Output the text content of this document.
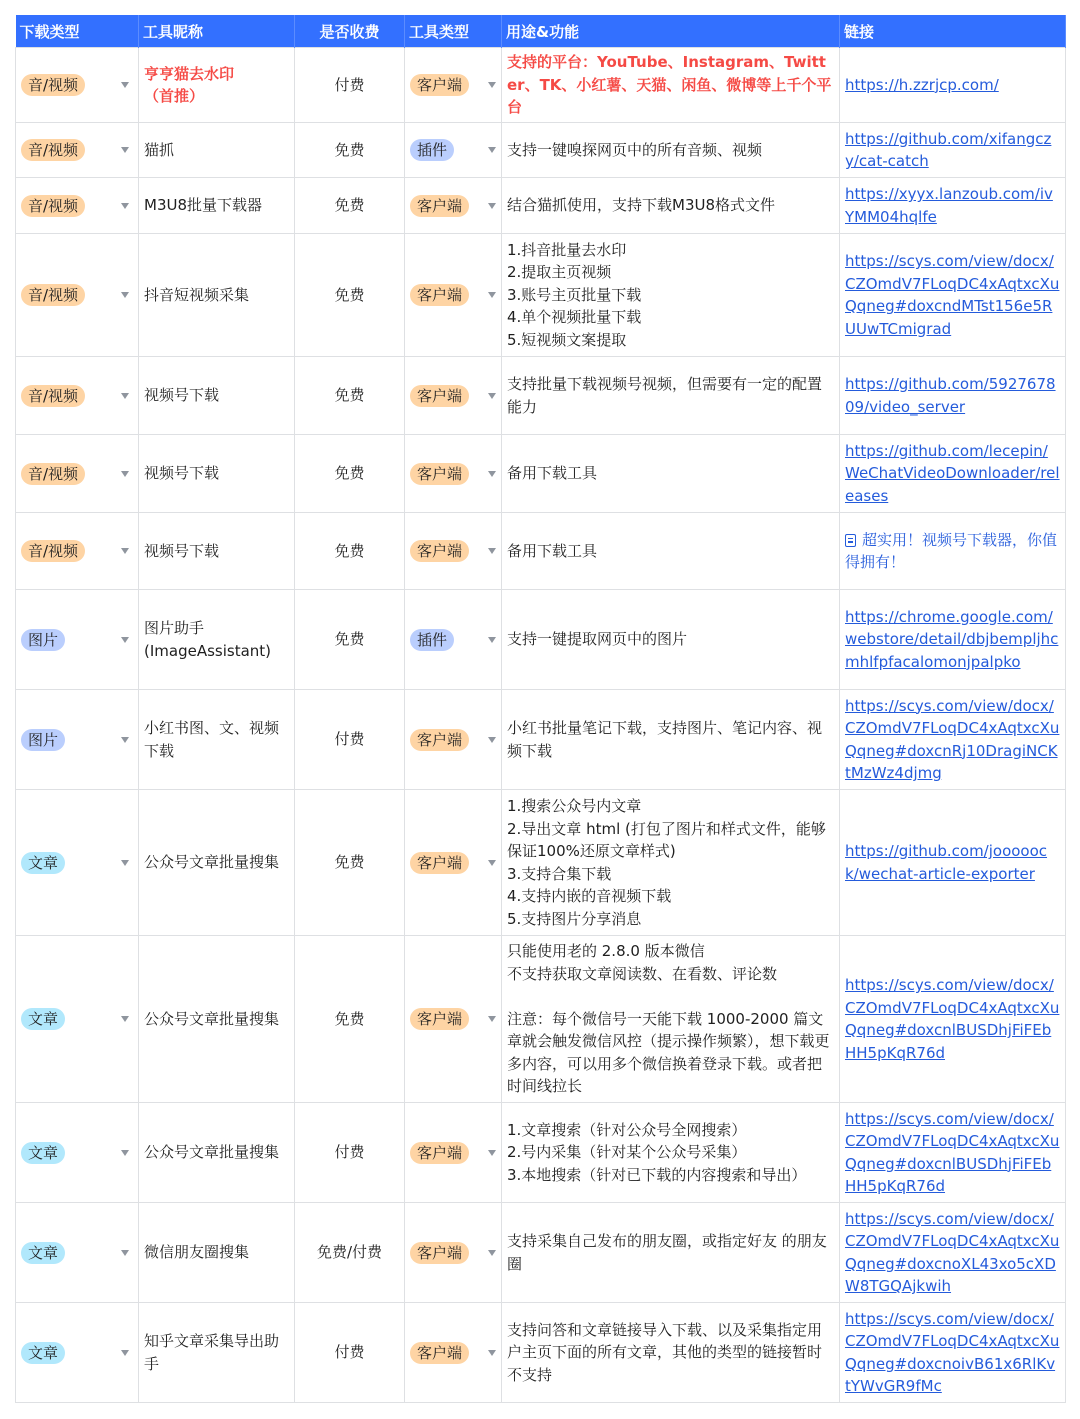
下载类型	工具昵称	是否收费	工具类型	用途&功能	链接

音/视频	亨亨猫去水印
（首推）	付费	客户端	支持的平台：YouTube、Instagram、Twitter、TK、小红薯、天猫、闲鱼、微博等上千个平台	https://h.zzrjcp.com/

音/视频	猫抓	免费	插件	支持一键嗅探网页中的所有音频、视频	https://github.com/xifangczy/cat-catch

音/视频	M3U8批量下载器	免费	客户端	结合猫抓使用，支持下载M3U8格式文件	https://xyyx.lanzoub.com/ivYMM04hqlfe

音/视频	抖音短视频采集	免费	客户端	1.抖音批量去水印
2.提取主页视频
3.账号主页批量下载
4.单个视频批量下载
5.短视频文案提取	https://scys.com/view/docx/CZOmdV7FLoqDC4xAqtxcXuQqneg#doxcndMTst156e5RUUwTCmigrad

音/视频	视频号下载	免费	客户端	支持批量下载视频号视频，但需要有一定的配置能力	https://github.com/592767809/video_server

音/视频	视频号下载	免费	客户端	备用下载工具	https://github.com/lecepin/WeChatVideoDownloader/releases

音/视频	视频号下载	免费	客户端	备用下载工具	超实用！视频号下载器，你值得拥有！

图片	图片助手
(ImageAssistant)	免费	插件	支持一键提取网页中的图片	https://chrome.google.com/webstore/detail/dbjbempljhcmhlfpfacalomonjpalpko

图片	小红书图、文、视频下载	付费	客户端	小红书批量笔记下载，支持图片、笔记内容、视频下载	https://scys.com/view/docx/CZOmdV7FLoqDC4xAqtxcXuQqneg#doxcnRj10DragiNCKtMzWz4djmg

文章	公众号文章批量搜集	免费	客户端	1.搜索公众号内文章
2.导出文章 html (打包了图片和样式文件，能够保证100%还原文章样式)
3.支持合集下载
4.支持内嵌的音视频下载
5.支持图片分享消息	https://github.com/jooooock/wechat-article-exporter

文章	公众号文章批量搜集	免费	客户端	只能使用老的 2.8.0 版本微信
不支持获取文章阅读数、在看数、评论数

注意：每个微信号一天能下载 1000-2000 篇文章就会触发微信风控（提示操作频繁），想下载更多内容，可以用多个微信换着登录下载。或者把时间线拉长	https://scys.com/view/docx/CZOmdV7FLoqDC4xAqtxcXuQqneg#doxcnlBUSDhjFiFEbHH5pKqR76d

文章	公众号文章批量搜集	付费	客户端	1.文章搜索（针对公众号全网搜索）
2.号内采集（针对某个公众号采集）
3.本地搜索（针对已下载的内容搜索和导出）	https://scys.com/view/docx/CZOmdV7FLoqDC4xAqtxcXuQqneg#doxcnlBUSDhjFiFEbHH5pKqR76d

文章	微信朋友圈搜集	免费/付费	客户端	支持采集自己发布的朋友圈，或指定好友 的朋友圈	https://scys.com/view/docx/CZOmdV7FLoqDC4xAqtxcXuQqneg#doxcnoXL43xo5cXDW8TGQAjkwih

文章	知乎文章采集导出助手	付费	客户端	支持问答和文章链接导入下载、以及采集指定用户主页下面的所有文章，其他的类型的链接暂时不支持	https://scys.com/view/docx/CZOmdV7FLoqDC4xAqtxcXuQqneg#doxcnoivB61x6RlKvtYWvGR9fMc
